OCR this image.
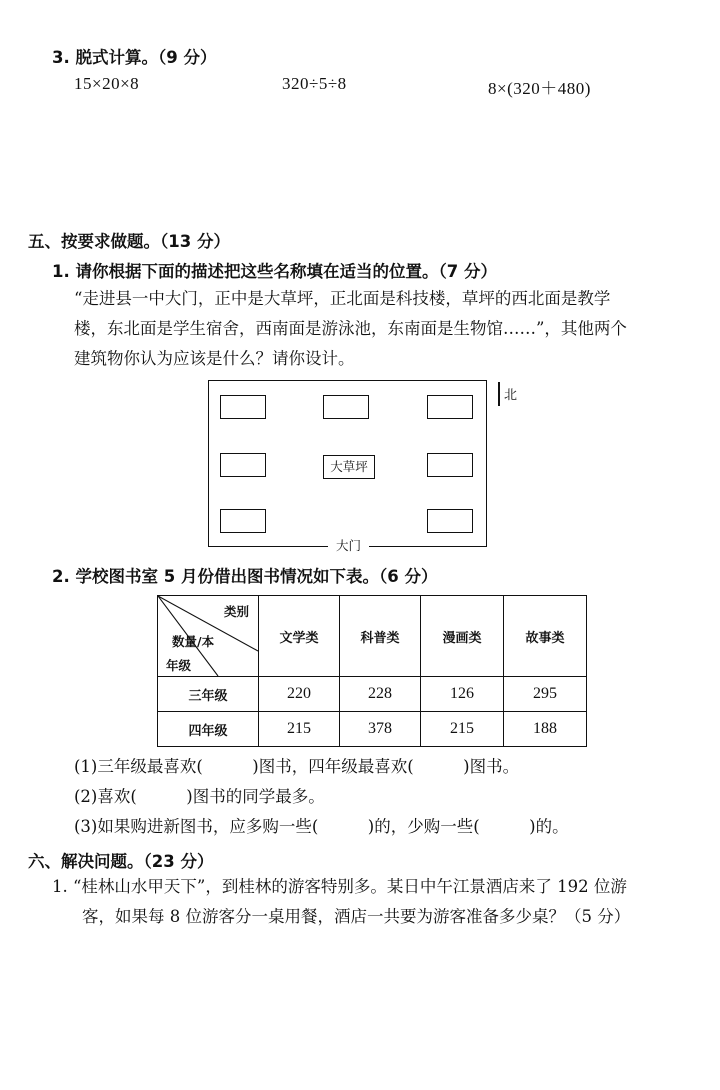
3. 脱式计算。（9 分）
15×20×8	320÷5÷8	8×(320＋480)
五、按要求做题。（13 分）
1. 请你根据下面的描述把这些名称填在适当的位置。（7 分）
“走进县一中大门，正中是大草坪，正北面是科技楼，草坪的西北面是教学
楼，东北面是学生宿舍，西南面是游泳池，东南面是生物馆……”，其他两个
建筑物你认为应该是什么？请你设计。
大草坪
大门
北
2. 学校图书室 5 月份借出图书情况如下表。（6 分）
类别
数量/本
年级	文学类	科普类	漫画类	故事类
三年级	220	228	126	295
四年级	215	378	215	188
(1)三年级最喜欢(　　　)图书，四年级最喜欢(　　　)图书。
(2)喜欢(　　　)图书的同学最多。
(3)如果购进新图书，应多购一些(　　　)的，少购一些(　　　)的。
六、解决问题。（23 分）
1. “桂林山水甲天下”，到桂林的游客特别多。某日中午江景酒店来了 192 位游
客，如果每 8 位游客分一桌用餐，酒店一共要为游客准备多少桌？（5 分）
